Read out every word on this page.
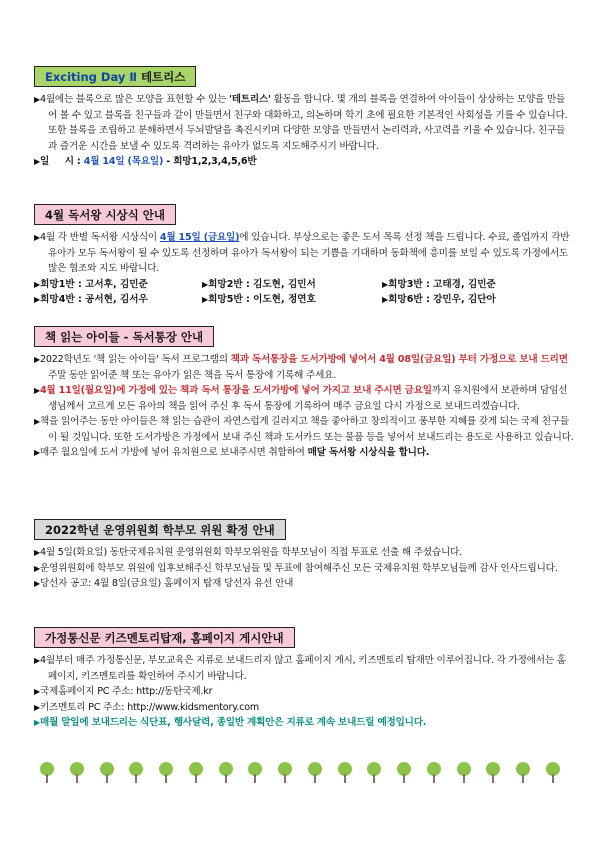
Exciting Day Ⅱ 테트리스

▶4월에는 블록으로 많은 모양을 표현할 수 있는 '테트리스' 활동을 합니다. 몇 개의 블록을 연결하여 아이들이 상상하는 모양을 만들어 볼 수 있고 블록을 친구들과 같이 만들면서 친구와 대화하고, 의논하며 학기 초에 필요한 기본적인 사회성을 기를 수 있습니다. 또한 블록을 조립하고 분해하면서 두뇌발달을 촉진시키며 다양한 모양을 만들면서 논리력과, 사고력을 키울 수 있습니다. 친구들과 즐거운 시간을 보낼 수 있도록 격려하는 유아가 없도록 지도해주시기 바랍니다.

▶일     시 : 4월 14일 (목요일) - 희망1,2,3,4,5,6반

4월 독서왕 시상식 안내

▶4월 각 반별 독서왕 시상식이 4월 15일 (금요일)에 있습니다. 부상으로는 좋은 도서 목록 선정 책을 드립니다. 수료, 졸업까지 각반 유아가 모두 독서왕이 될 수 있도록 선정하며 유아가 독서왕이 되는 기쁨을 기대하며 동화책에 흥미를 보일 수 있도록 가정에서도 많은 협조와 지도 바랍니다.

▶희망1반 : 고서후, 김민준	▶희망2반 : 김도현, 김민서	▶희망3반 : 고태경, 김민준
▶희망4반 : 공서현, 김서우	▶희망5반 : 이도현, 정연호	▶희망6반 : 강민우, 김단아
책 읽는 아이들 - 독서통장 안내

▶2022학년도 '책 읽는 아이들' 독서 프로그램의 책과 독서통장을 도서가방에 넣어서 4월 08일(금요일) 부터 가정으로 보내 드리면 주말 동안 읽어준 책 또는 유아가 읽은 책을 독서 통장에 기록해 주세요.

▶4월 11일(월요일)에 가정에 있는 책과 독서 통장을 도서가방에 넣어 가지고 보내 주시면 금요일까지 유치원에서 보관하며 담임선생님께서 고르게 모든 유아의 책을 읽어 주신 후 독서 통장에 기록하여 매주 금요일 다시 가정으로 보내드리겠습니다.

▶책을 읽어주는 동안 아이들은 책 읽는 습관이 자연스럽게 길러지고 책을 좋아하고 창의적이고 풍부한 지혜를 갖게 되는 국제 친구들이 될 것입니다. 또한 도서가방은 가정에서 보내 주신 책과 도서카드 또는 물품 등을 넣어서 보내드리는 용도로 사용하고 있습니다.

▶매주 월요일에 도서 가방에 넣어 유치원으로 보내주시면 취합하여 매달 독서왕 시상식을 합니다.

2022학년 운영위원회 학부모 위원 확정 안내

▶4월 5일(화요일) 동탄국제유치원 운영위원회 학부모위원을 학부모님이 직접 투표로 선출 해 주셨습니다.

▶운영위원회에 학부모 위원에 입후보해주신 학부모님들 및 투표에 참여해주신 모든 국제유치원 학부모님들께 감사 인사드립니다.

▶당선자 공고: 4월 8일(금요일) 홈페이지 탑재 당선자 유선 안내

가정통신문 키즈멘토리탑재, 홈페이지 게시안내

▶4월부터 매주 가정통신문, 부모교육은 지류로 보내드리지 않고 홈페이지 게시, 키즈멘토리 탑재만 이루어집니다. 각 가정에서는 홈페이지, 키즈멘토리를 확인하여 주시기 바랍니다.

▶국제홈페이지 PC 주소: http://동탄국제.kr

▶키즈멘토리 PC 주소: http://www.kidsmentory.com

▶매월 말일에 보내드리는 식단표, 행사달력, 종일반 계획안은 지류로 계속 보내드릴 예정입니다.
